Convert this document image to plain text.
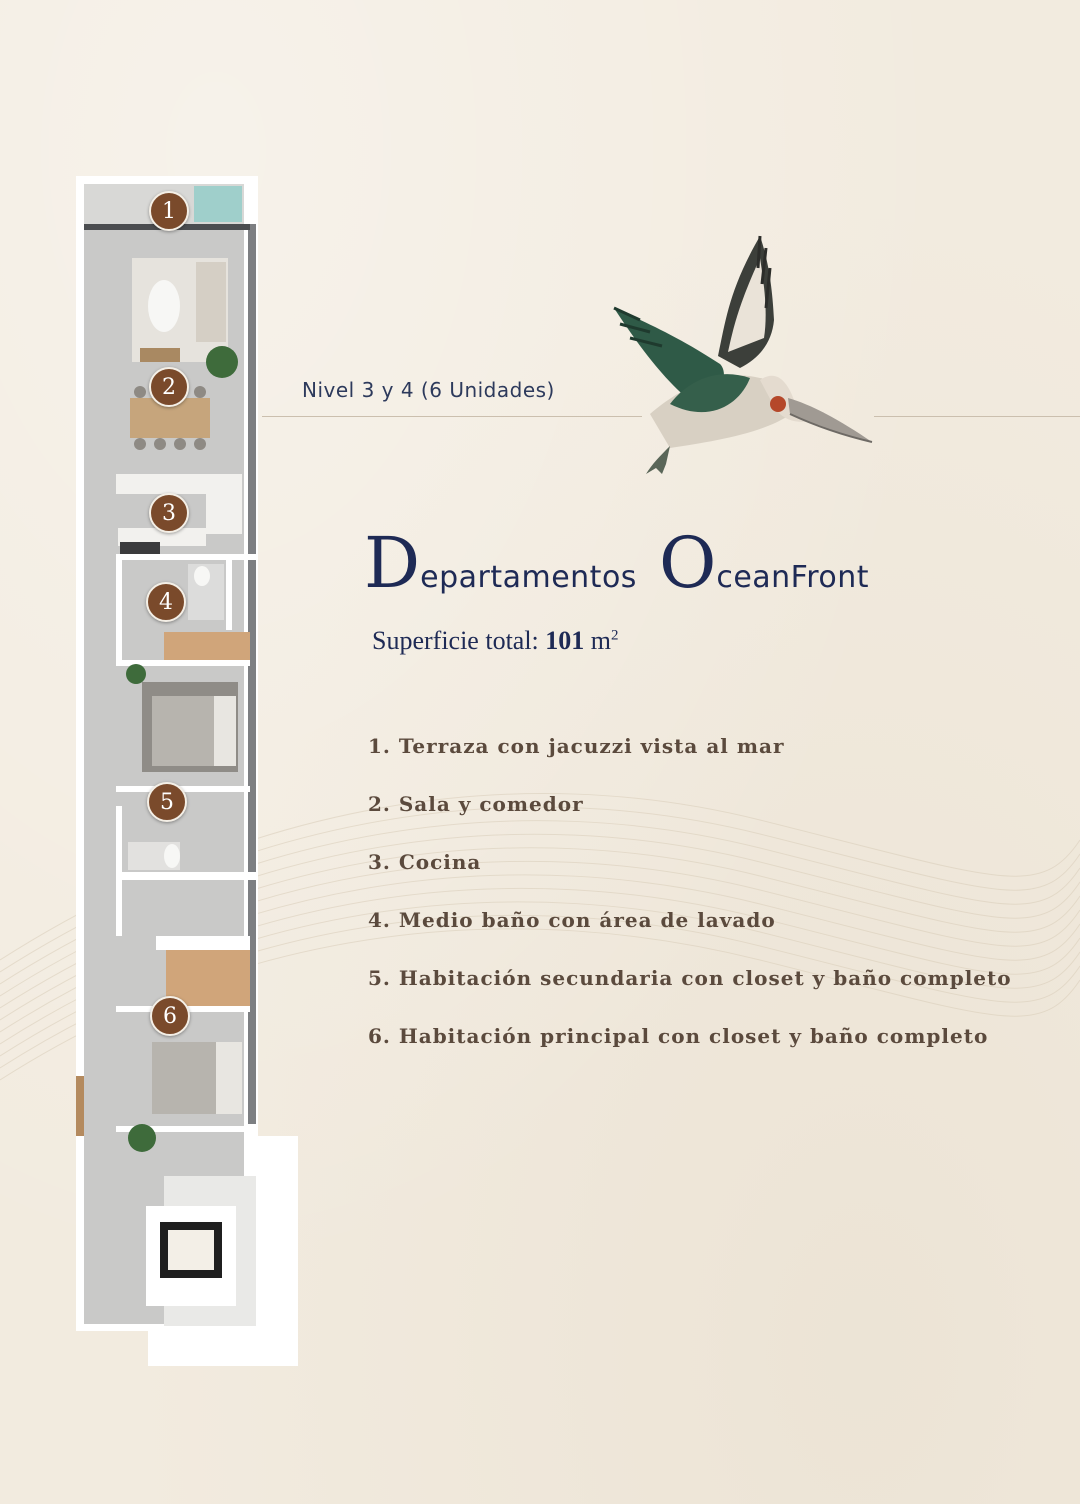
1
2
3
4
5
6
Nivel 3 y 4 (6 Unidades)
Departamentos OceanFront
Superficie total: 101 $m^2$
1. Terraza con jacuzzi vista al mar
2. Sala y comedor
3. Cocina
4. Medio baño con área de lavado
5. Habitación secundaria con closet y baño completo
6. Habitación principal con closet y baño completo
